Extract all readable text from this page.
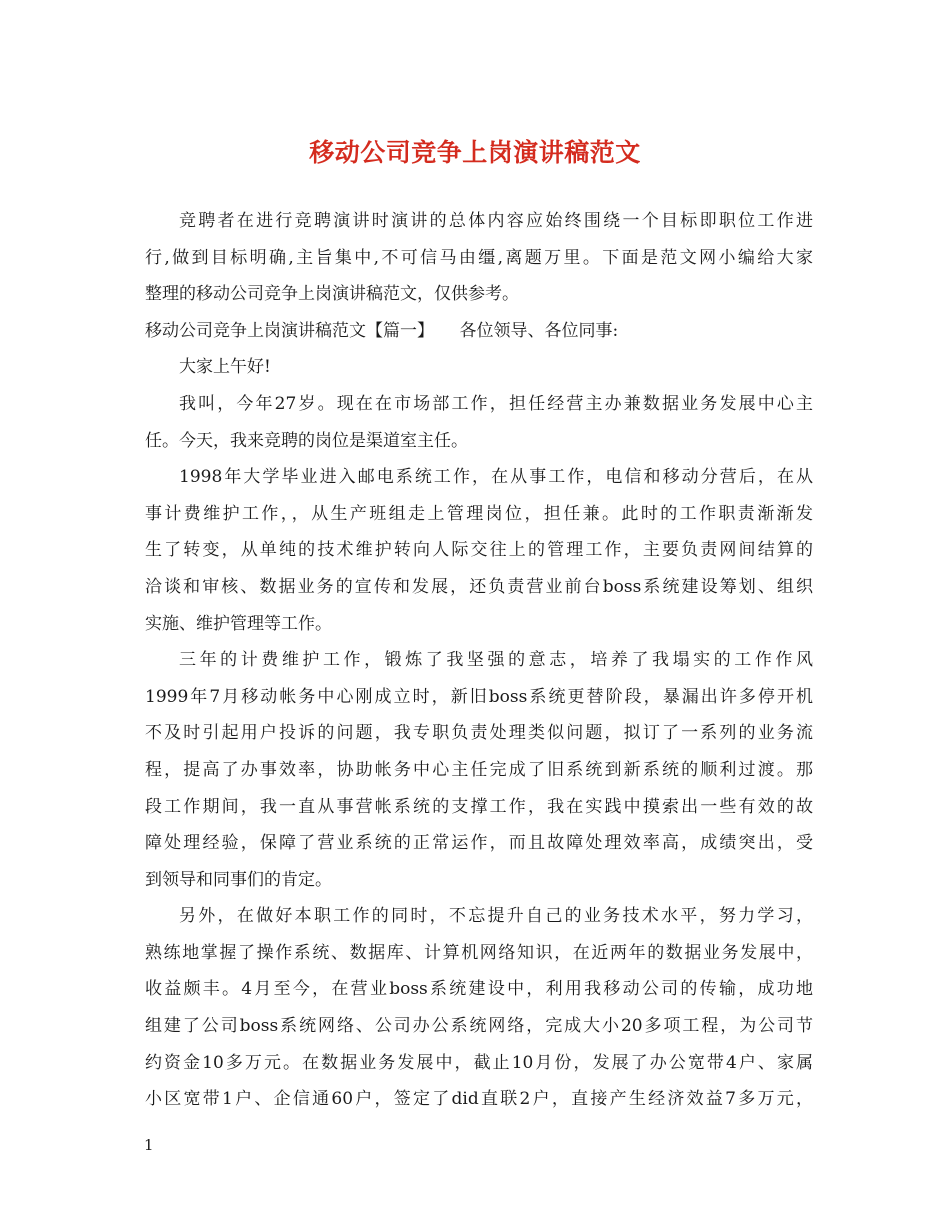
移动公司竞争上岗演讲稿范文
竞聘者在进行竞聘演讲时演讲的总体内容应始终围绕一个目标即职位工作进
行,做到目标明确,主旨集中,不可信马由缰,离题万里。下面是范文网小编给大家
整理的移动公司竞争上岗演讲稿范文，仅供参考。
移动公司竞争上岗演讲稿范文【篇一】　　各位领导、各位同事:
大家上午好!
我叫，今年27岁。现在在市场部工作，担任经营主办兼数据业务发展中心主
任。今天，我来竞聘的岗位是渠道室主任。
1998年大学毕业进入邮电系统工作，在从事工作，电信和移动分营后，在从
事计费维护工作，，从生产班组走上管理岗位，担任兼。此时的工作职责渐渐发
生了转变，从单纯的技术维护转向人际交往上的管理工作，主要负责网间结算的
洽谈和审核、数据业务的宣传和发展，还负责营业前台boss系统建设筹划、组织
实施、维护管理等工作。
三年的计费维护工作，锻炼了我坚强的意志，培养了我塌实的工作作风
1999年7月移动帐务中心刚成立时，新旧boss系统更替阶段，暴漏出许多停开机
不及时引起用户投诉的问题，我专职负责处理类似问题，拟订了一系列的业务流
程，提高了办事效率，协助帐务中心主任完成了旧系统到新系统的顺利过渡。那
段工作期间，我一直从事营帐系统的支撑工作，我在实践中摸索出一些有效的故
障处理经验，保障了营业系统的正常运作，而且故障处理效率高，成绩突出，受
到领导和同事们的肯定。
另外，在做好本职工作的同时，不忘提升自己的业务技术水平，努力学习，
熟练地掌握了操作系统、数据库、计算机网络知识，在近两年的数据业务发展中，
收益颇丰。4月至今，在营业boss系统建设中，利用我移动公司的传输，成功地
组建了公司boss系统网络、公司办公系统网络，完成大小20多项工程，为公司节
约资金10多万元。在数据业务发展中，截止10月份，发展了办公宽带4户、家属
小区宽带1户、企信通60户，签定了did直联2户，直接产生经济效益7多万元，
1
